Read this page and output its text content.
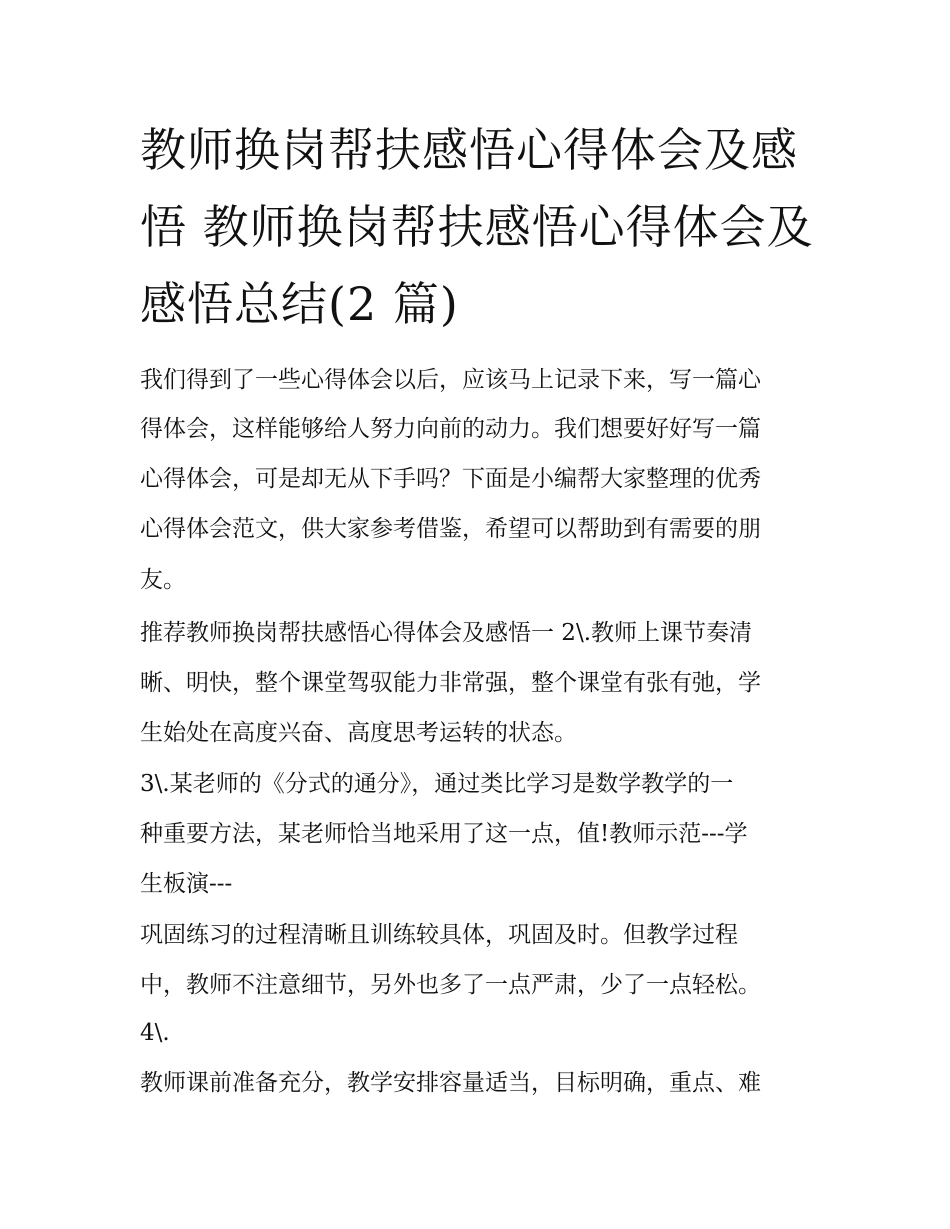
教师换岗帮扶感悟心得体会及感悟 教师换岗帮扶感悟心得体会及感悟总结(2 篇)
我们得到了一些心得体会以后，应该马上记录下来，写一篇心
得体会，这样能够给人努力向前的动力。我们想要好好写一篇
心得体会，可是却无从下手吗？下面是小编帮大家整理的优秀
心得体会范文，供大家参考借鉴，希望可以帮助到有需要的朋
友。
推荐教师换岗帮扶感悟心得体会及感悟一 2\.教师上课节奏清
晰、明快，整个课堂驾驭能力非常强，整个课堂有张有弛，学
生始处在高度兴奋、高度思考运转的状态。
3\.某老师的《分式的通分》，通过类比学习是数学教学的一
种重要方法，某老师恰当地采用了这一点，值!教师示范---学
生板演---
巩固练习的过程清晰且训练较具体，巩固及时。但教学过程
中，教师不注意细节，另外也多了一点严肃，少了一点轻松。
4\.
教师课前准备充分，教学安排容量适当，目标明确，重点、难
